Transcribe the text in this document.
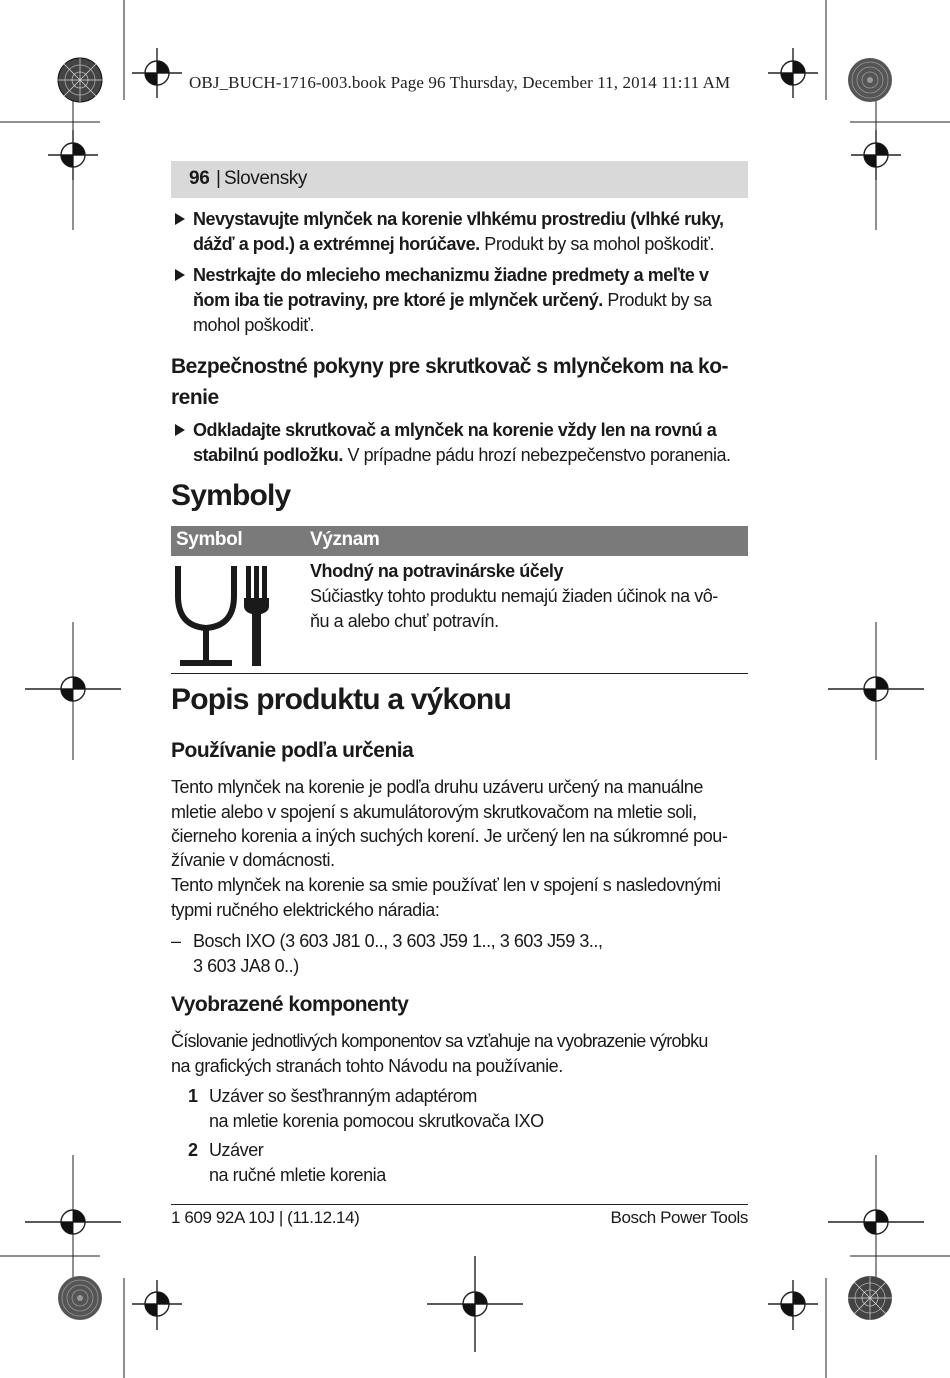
OBJ_BUCH-1716-003.book Page 96 Thursday, December 11, 2014 11:11 AM
96 | Slovensky
Nevystavujte mlynček na korenie vlhkému prostrediu (vlhké ruky,
dážď a pod.) a extrémnej horúčave. Produkt by sa mohol poškodiť.
Nestrkajte do mlecieho mechanizmu žiadne predmety a meľte v
ňom iba tie potraviny, pre ktoré je mlynček určený. Produkt by sa
mohol poškodiť.
Bezpečnostné pokyny pre skrutkovač s mlynčekom na ko-
renie
Odkladajte skrutkovač a mlynček na korenie vždy len na rovnú a
stabilnú podložku. V prípadne pádu hrozí nebezpečenstvo poranenia.
Symboly
Symbol	Význam
Vhodný na potravinárske účely
Súčiastky tohto produktu nemajú žiaden účinok na vô-
ňu a alebo chuť potravín.
Popis produktu a výkonu
Používanie podľa určenia
Tento mlynček na korenie je podľa druhu uzáveru určený na manuálne
mletie alebo v spojení s akumulátorovým skrutkovačom na mletie soli,
čierneho korenia a iných suchých korení. Je určený len na súkromné pou-
žívanie v domácnosti.
Tento mlynček na korenie sa smie používať len v spojení s nasledovnými
typmi ručného elektrického náradia:
– Bosch IXO (3 603 J81 0.., 3 603 J59 1.., 3 603 J59 3..,
3 603 JA8 0..)
Vyobrazené komponenty
Číslovanie jednotlivých komponentov sa vzťahuje na vyobrazenie výrobku
na grafických stranách tohto Návodu na používanie.
1 Uzáver so šesťhranným adaptérom
na mletie korenia pomocou skrutkovača IXO
2 Uzáver
na ručné mletie korenia
1 609 92A 10J | (11.12.14)	Bosch Power Tools
